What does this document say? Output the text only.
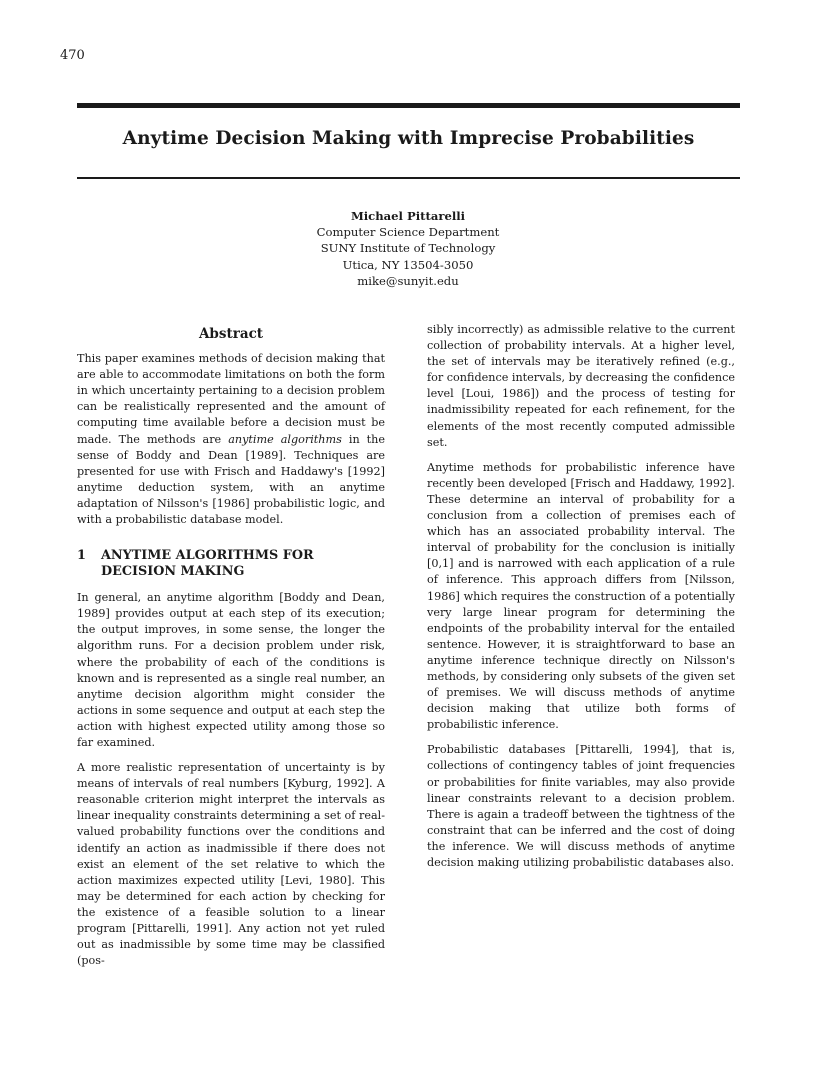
470
Anytime Decision Making with Imprecise Probabilities
Michael Pittarelli
Computer Science Department
SUNY Institute of Technology
Utica, NY 13504-3050
mike@sunyit.edu
Abstract

This paper examines methods of decision making that are able to accommodate limitations on both the form in which uncertainty pertaining to a decision problem can be realistically represented and the amount of computing time available before a decision must be made. The methods are anytime algorithms in the sense of Boddy and Dean [1989]. Techniques are presented for use with Frisch and Haddawy's [1992] anytime deduction system, with an anytime adaptation of Nilsson's [1986] probabilistic logic, and with a probabilistic database model.

1	ANYTIME ALGORITHMS FOR DECISION MAKING

In general, an anytime algorithm [Boddy and Dean, 1989] provides output at each step of its execution; the output improves, in some sense, the longer the algorithm runs. For a decision problem under risk, where the probability of each of the conditions is known and is represented as a single real number, an anytime decision algorithm might consider the actions in some sequence and output at each step the action with highest expected utility among those so far examined.

A more realistic representation of uncertainty is by means of intervals of real numbers [Kyburg, 1992]. A reasonable criterion might interpret the intervals as linear inequality constraints determining a set of real-valued probability functions over the conditions and identify an action as inadmissible if there does not exist an element of the set relative to which the action maximizes expected utility [Levi, 1980]. This may be determined for each action by checking for the existence of a feasible solution to a linear program [Pittarelli, 1991]. Any action not yet ruled out as inadmissible by some time may be classified (pos-

sibly incorrectly) as admissible relative to the current collection of probability intervals. At a higher level, the set of intervals may be iteratively refined (e.g., for confidence intervals, by decreasing the confidence level [Loui, 1986]) and the process of testing for inadmissibility repeated for each refinement, for the elements of the most recently computed admissible set.

Anytime methods for probabilistic inference have recently been developed [Frisch and Haddawy, 1992]. These determine an interval of probability for a conclusion from a collection of premises each of which has an associated probability interval. The interval of probability for the conclusion is initially [0,1] and is narrowed with each application of a rule of inference. This approach differs from [Nilsson, 1986] which requires the construction of a potentially very large linear program for determining the endpoints of the probability interval for the entailed sentence. However, it is straightforward to base an anytime inference technique directly on Nilsson's methods, by considering only subsets of the given set of premises. We will discuss methods of anytime decision making that utilize both forms of probabilistic inference.

Probabilistic databases [Pittarelli, 1994], that is, collections of contingency tables of joint frequencies or probabilities for finite variables, may also provide linear constraints relevant to a decision problem. There is again a tradeoff between the tightness of the constraint that can be inferred and the cost of doing the inference. We will discuss methods of anytime decision making utilizing probabilistic databases also.
